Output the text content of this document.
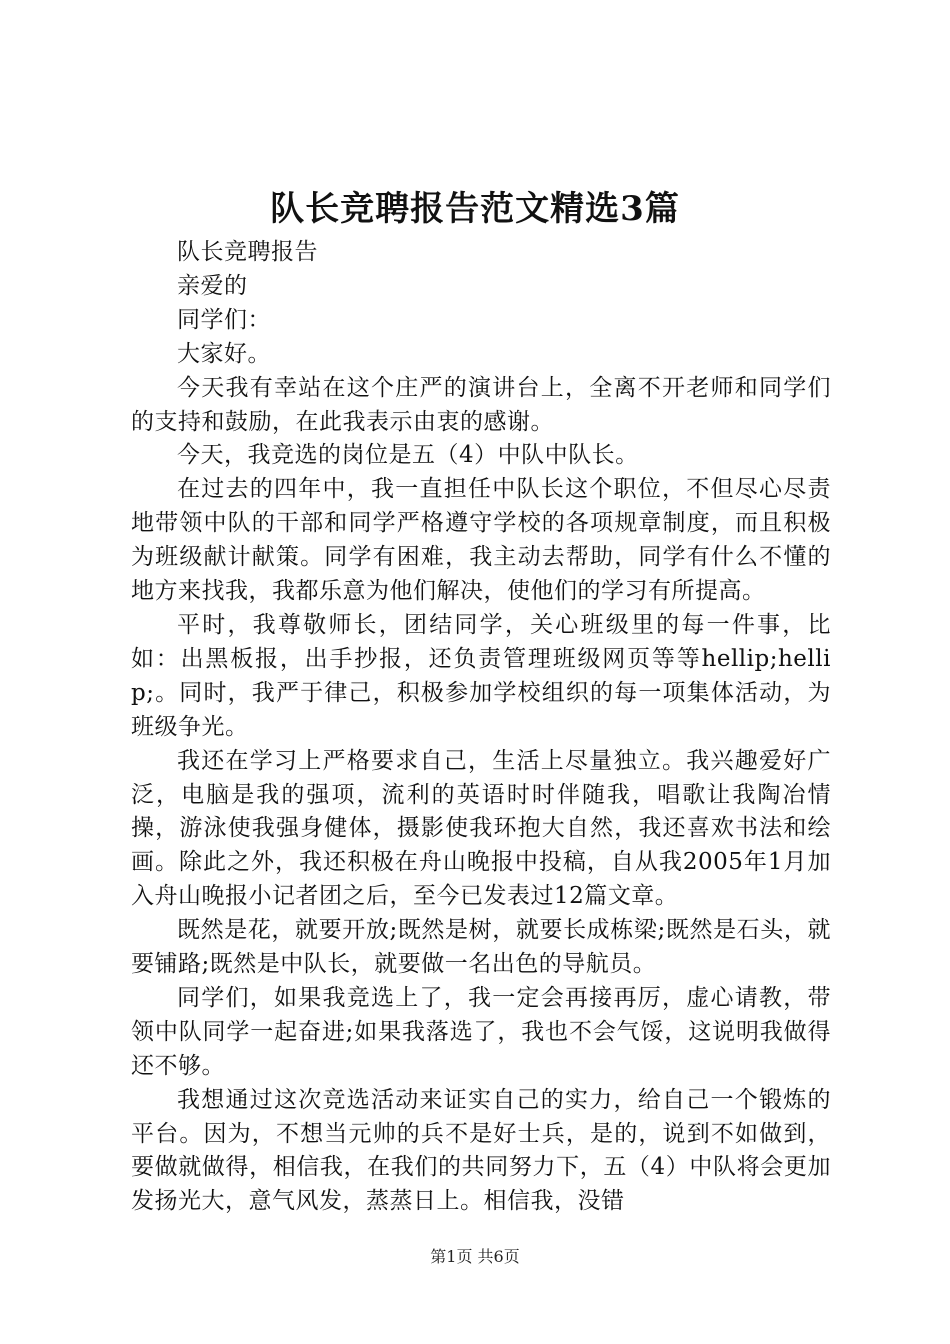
队长竞聘报告范文精选3篇

队长竞聘报告

亲爱的

同学们：

大家好。

今天我有幸站在这个庄严的演讲台上，全离不开老师和同学们的支持和鼓励，在此我表示由衷的感谢。

今天，我竞选的岗位是五（4）中队中队长。

在过去的四年中，我一直担任中队长这个职位，不但尽心尽责地带领中队的干部和同学严格遵守学校的各项规章制度，而且积极为班级献计献策。同学有困难，我主动去帮助，同学有什么不懂的地方来找我，我都乐意为他们解决，使他们的学习有所提高。

平时，我尊敬师长，团结同学，关心班级里的每一件事，比如：出黑板报，出手抄报，还负责管理班级网页等等hellip;hellip;。同时，我严于律己，积极参加学校组织的每一项集体活动，为班级争光。

我还在学习上严格要求自己，生活上尽量独立。我兴趣爱好广泛，电脑是我的强项，流利的英语时时伴随我，唱歌让我陶冶情操，游泳使我强身健体，摄影使我环抱大自然，我还喜欢书法和绘画。除此之外，我还积极在舟山晚报中投稿，自从我2005年1月加入舟山晚报小记者团之后，至今已发表过12篇文章。

既然是花，就要开放;既然是树，就要长成栋梁;既然是石头，就要铺路;既然是中队长，就要做一名出色的导航员。

同学们，如果我竞选上了，我一定会再接再厉，虚心请教，带领中队同学一起奋进;如果我落选了，我也不会气馁，这说明我做得还不够。

我想通过这次竞选活动来证实自己的实力，给自己一个锻炼的平台。因为，不想当元帅的兵不是好士兵，是的，说到不如做到，要做就做得，相信我，在我们的共同努力下，五（4）中队将会更加发扬光大，意气风发，蒸蒸日上。相信我，没错

第1页 共6页
